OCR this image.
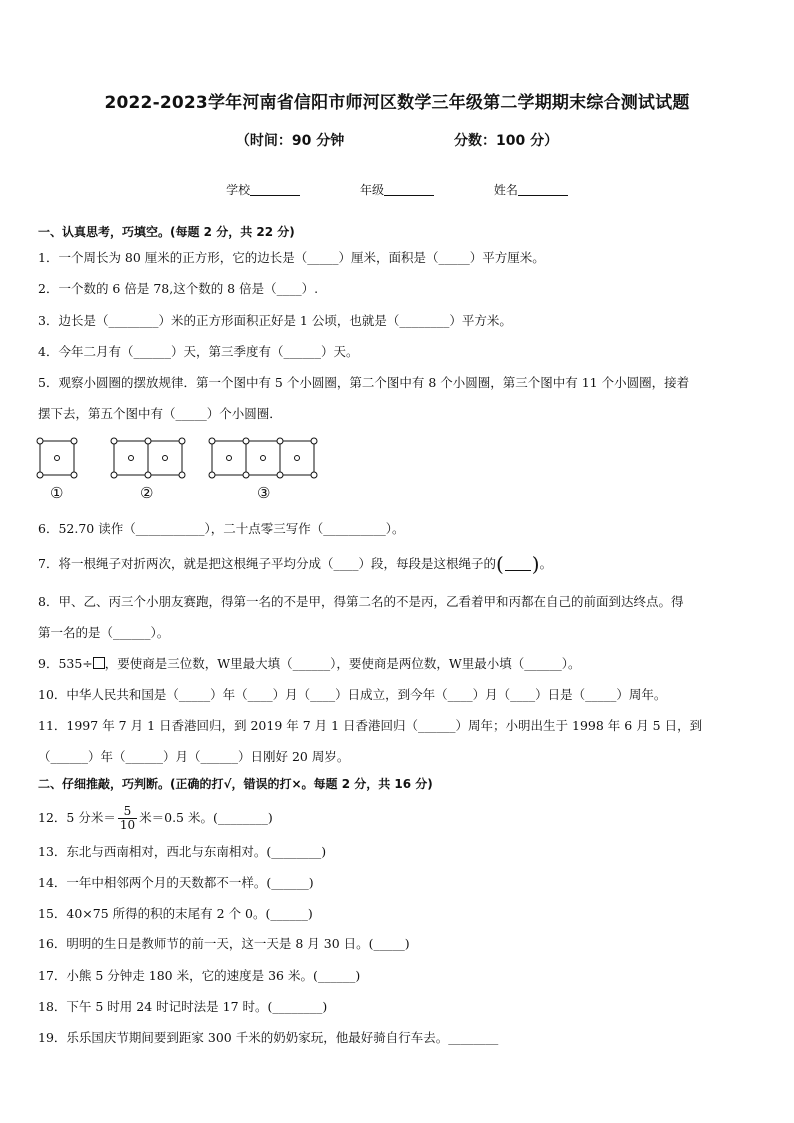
2022-2023学年河南省信阳市师河区数学三年级第二学期期末综合测试试题
（时间：90 分钟	分数：100 分）
学校	年级	姓名
一、认真思考，巧填空。(每题 2 分，共 22 分)
1．一个周长为 80 厘米的正方形，它的边长是（_____）厘米，面积是（_____）平方厘米。
2．一个数的 6 倍是 78,这个数的 8 倍是（____）.
3．边长是（________）米的正方形面积正好是 1 公顷，也就是（________）平方米。
4．今年二月有（______）天，第三季度有（______）天。
5．观察小圆圈的摆放规律．第一个图中有 5 个小圆圈，第二个图中有 8 个小圆圈，第三个图中有 11 个小圆圈，接着
摆下去，第五个图中有（_____）个小圆圈．
①	②	③
6．52.70 读作（___________），二十点零三写作（__________）。
7．将一根绳子对折两次，就是把这根绳子平均分成（____）段，每段是这根绳子的( )。
8．甲、乙、丙三个小朋友赛跑，得第一名的不是甲，得第二名的不是丙，乙看着甲和丙都在自己的前面到达终点。得
第一名的是（______）。
9．535÷ ，要使商是三位数，W里最大填（______），要使商是两位数，W里最小填（______）。
10．中华人民共和国是（_____）年（____）月（____）日成立，到今年（____）月（____）日是（_____）周年。
11．1997 年 7 月 1 日香港回归，到 2019 年 7 月 1 日香港回归（______）周年；小明出生于 1998 年 6 月 5 日，到
（______）年（______）月（______）日刚好 20 周岁。
二、仔细推敲，巧判断。(正确的打√，错误的打×。每题 2 分，共 16 分)
12．5 分米＝ $\frac{5}{10}$ 米＝0.5 米。(________)
13．东北与西南相对，西北与东南相对。(________)
14．一年中相邻两个月的天数都不一样。(______)
15．40×75 所得的积的末尾有 2 个 0。(______)
16．明明的生日是教师节的前一天，这一天是 8 月 30 日。(_____)
17．小熊 5 分钟走 180 米，它的速度是 36 米。(______)
18．下午 5 时用 24 时记时法是 17 时。(________)
19．乐乐国庆节期间要到距家 300 千米的奶奶家玩，他最好骑自行车去。________
